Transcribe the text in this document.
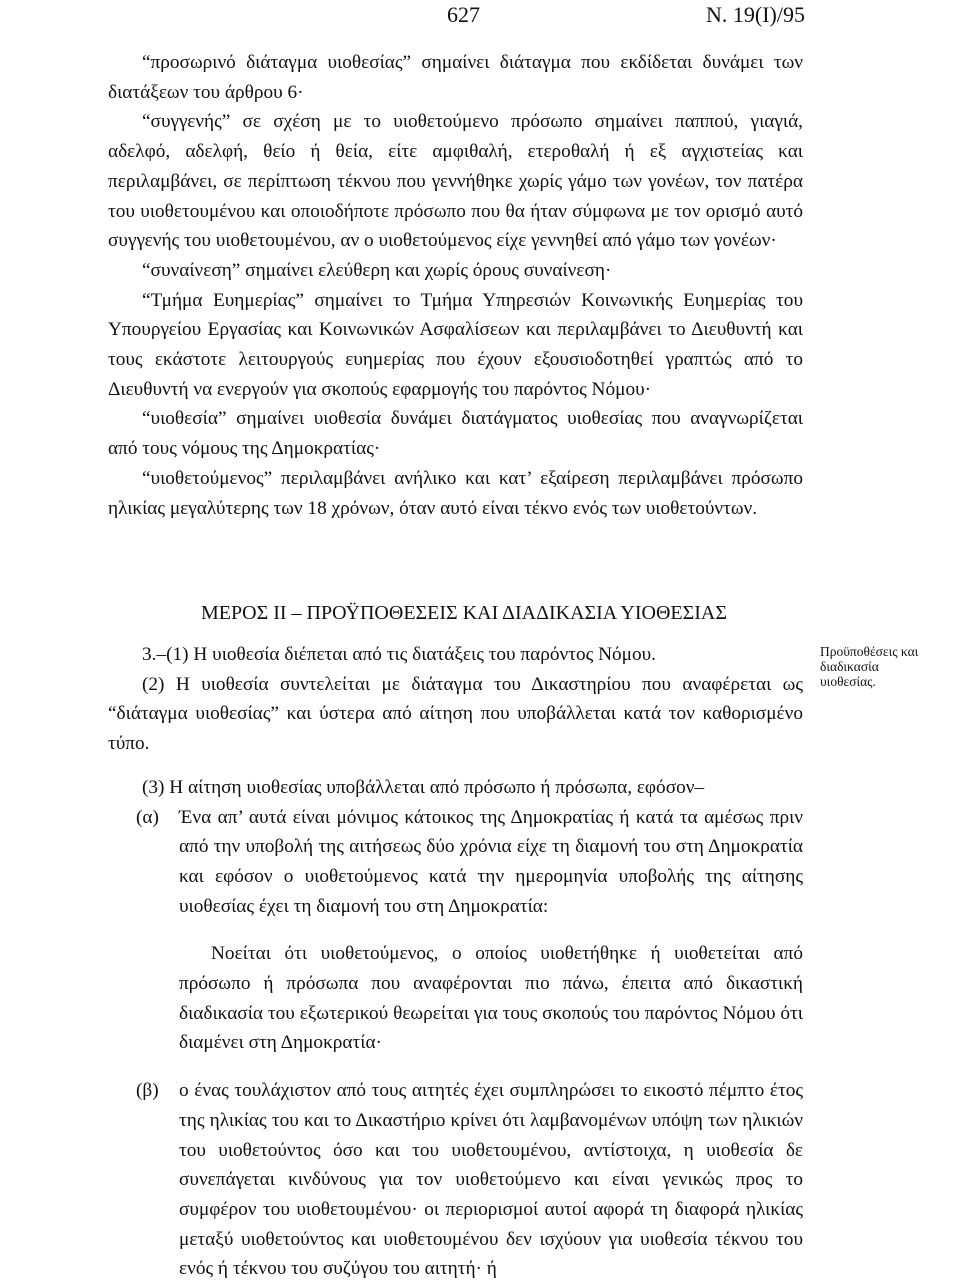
627	Ν. 19(Ι)/95

“προσωρινό διάταγμα υιοθεσίας” σημαίνει διάταγμα που εκδίδεται δυνάμει των διατάξεων του άρθρου 6·

“συγγενής” σε σχέση με το υιοθετούμενο πρόσωπο σημαίνει παππού, γιαγιά, αδελφό, αδελφή, θείο ή θεία, είτε αμφιθαλή, ετεροθαλή ή εξ αγχιστείας και περιλαμβάνει, σε περίπτωση τέκνου που γεννήθηκε χωρίς γάμο των γονέων, τον πατέρα του υιοθετουμένου και οποιοδήποτε πρόσωπο που θα ήταν σύμφωνα με τον ορισμό αυτό συγγενής του υιοθετουμένου, αν ο υιοθετούμενος είχε γεννηθεί από γάμο των γονέων·

“συναίνεση” σημαίνει ελεύθερη και χωρίς όρους συναίνεση·

“Τμήμα Ευημερίας” σημαίνει το Τμήμα Υπηρεσιών Κοινωνικής Ευημερίας του Υπουργείου Εργασίας και Κοινωνικών Ασφαλίσεων και περιλαμβάνει το Διευθυντή και τους εκάστοτε λειτουργούς ευημερίας που έχουν εξουσιοδοτηθεί γραπτώς από το Διευθυντή να ενεργούν για σκοπούς εφαρμογής του παρόντος Νόμου·

“υιοθεσία” σημαίνει υιοθεσία δυνάμει διατάγματος υιοθεσίας που αναγνωρίζεται από τους νόμους της Δημοκρατίας·

“υιοθετούμενος” περιλαμβάνει ανήλικο και κατ’ εξαίρεση περιλαμβάνει πρόσωπο ηλικίας μεγαλύτερης των 18 χρόνων, όταν αυτό είναι τέκνο ενός των υιοθετούντων.

ΜΕΡΟΣ ΙΙ – ΠΡΟΫΠΟΘΕΣΕΙΣ ΚΑΙ ΔΙΑΔΙΚΑΣΙΑ ΥΙΟΘΕΣΙΑΣ
Προϋποθέσεις και διαδικασία υιοθεσίας.

3.–(1) Η υιοθεσία διέπεται από τις διατάξεις του παρόντος Νόμου.

(2) Η υιοθεσία συντελείται με διάταγμα του Δικαστηρίου που αναφέρεται ως “διάταγμα υιοθεσίας” και ύστερα από αίτηση που υποβάλλεται κατά τον καθορισμένο τύπο.

(3) Η αίτηση υιοθεσίας υποβάλλεται από πρόσωπο ή πρόσωπα, εφόσον–

(α) Ένα απ’ αυτά είναι μόνιμος κάτοικος της Δημοκρατίας ή κατά τα αμέσως πριν από την υποβολή της αιτήσεως δύο χρόνια είχε τη διαμονή του στη Δημοκρατία και εφόσον ο υιοθετούμενος κατά την ημερομηνία υποβολής της αίτησης υιοθεσίας έχει τη διαμονή του στη Δημοκρατία:

Νοείται ότι υιοθετούμενος, ο οποίος υιοθετήθηκε ή υιοθετείται από πρόσωπο ή πρόσωπα που αναφέρονται πιο πάνω, έπειτα από δικαστική διαδικασία του εξωτερικού θεωρείται για τους σκοπούς του παρόντος Νόμου ότι διαμένει στη Δημοκρατία·

(β) ο ένας τουλάχιστον από τους αιτητές έχει συμπληρώσει το εικοστό πέμπτο έτος της ηλικίας του και το Δικαστήριο κρίνει ότι λαμβανομένων υπόψη των ηλικιών του υιοθετούντος όσο και του υιοθετουμένου, αντίστοιχα, η υιοθεσία δε συνεπάγεται κινδύνους για τον υιοθετούμενο και είναι γενικώς προς το συμφέρον του υιοθετουμένου· οι περιορισμοί αυτοί αφορά τη διαφορά ηλικίας μεταξύ υιοθετούντος και υιοθετουμένου δεν ισχύουν για υιοθεσία τέκνου του ενός ή τέκνου του συζύγου του αιτητή· ή
